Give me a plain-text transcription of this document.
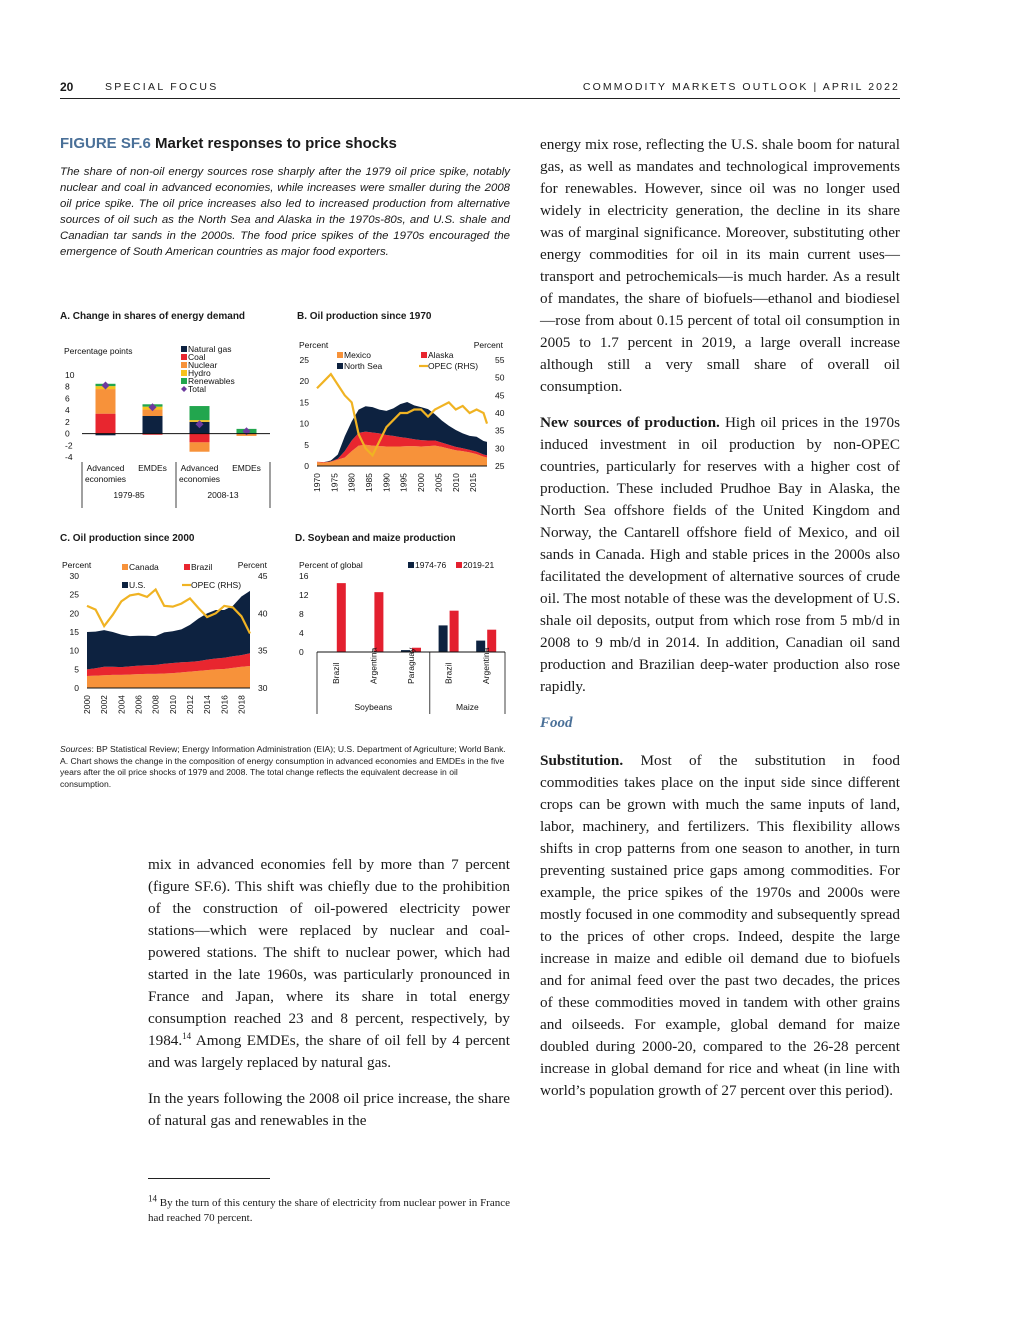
20	SPECIAL FOCUS	COMMODITY MARKETS OUTLOOK | APRIL 2022
FIGURE SF.6 Market responses to price shocks
The share of non-oil energy sources rose sharply after the 1979 oil price spike, notably nuclear and coal in advanced economies, while increases were smaller during the 2008 oil price spike. The oil price increases also led to increased production from alternative sources of oil such as the North Sea and Alaska in the 1970s-80s, and U.S. shale and Canadian tar sands in the 2000s. The food price spikes of the 1970s encouraged the emergence of South American countries as major food exporters.
A. Change in shares of energy demand
Percentage points
10
8
6
4
2
0
-2
-4
Natural gas
Coal
Nuclear
Hydro
Renewables
Total
Advanced
economies
EMDEs Advanced
economies
EMDEs
1979-85	2008-13
B. Oil production since 1970
Percent	Percent
25
20
15
10
5
0
55
50
45
40
35
30
25
1970 1975 1980 1985 1990 1995 2000 2005 2010 2015
Mexico	Alaska
North Sea	OPEC (RHS)
C. Oil production since 2000
Percent	Percent
30
25
20
15
10
5
0
45
40
35
30
2000 2002 2004 2006 2008 2010 2012 2014 2016 2018
Canada	Brazil
U.S.	OPEC (RHS)
D. Soybean and maize production
Percent of global
16
12
8
4
0
1974-76 2019-21
Brazil	Argentina	Paraguay	Brazil	Argentina
Soybeans	Maize
Sources: BP Statistical Review; Energy Information Administration (EIA); U.S. Department of Agriculture; World Bank.
A. Chart shows the change in the composition of energy consumption in advanced economies and EMDEs in the five years after the oil price shocks of 1979 and 2008. The total change reflects the equivalent decrease in oil consumption.

mix in advanced economies fell by more than 7 percent (figure SF.6). This shift was chiefly due to the prohibition of the construction of oil-powered electricity power stations—which were replaced by nuclear and coal-powered stations. The shift to nuclear power, which had started in the late 1960s, was particularly pronounced in France and Japan, where its share in total energy consumption reached 23 and 8 percent, respectively, by 1984.14 Among EMDEs, the share of oil fell by 4 percent and was largely replaced by natural gas.

In the years following the 2008 oil price increase, the share of natural gas and renewables in the

$^{14}$ By the turn of this century the share of electricity from nuclear power in France had reached 70 percent.

energy mix rose, reflecting the U.S. shale boom for natural gas, as well as mandates and technological improvements for renewables. However, since oil was no longer used widely in electricity generation, the decline in its share was of marginal significance. Moreover, substituting other energy commodities for oil in its main current uses—transport and petrochemicals—is much harder. As a result of mandates, the share of biofuels—ethanol and biodiesel—rose from about 0.15 percent of total oil consumption in 2005 to 1.7 percent in 2019, a large overall increase although still a very small share of overall oil consumption.

New sources of production. High oil prices in the 1970s induced investment in oil production by non-OPEC countries, particularly for reserves with a higher cost of production. These included Prudhoe Bay in Alaska, the North Sea offshore fields of the United Kingdom and Norway, the Cantarell offshore field of Mexico, and oil sands in Canada. High and stable prices in the 2000s also facilitated the development of alternative sources of crude oil. The most notable of these was the development of U.S. shale oil deposits, output from which rose from 5 mb/d in 2008 to 9 mb/d in 2014. In addition, Canadian oil sand production and Brazilian deep-water production also rose rapidly.

Food

Substitution. Most of the substitution in food commodities takes place on the input side since different crops can be grown with much the same inputs of land, labor, machinery, and fertilizers. This flexibility allows shifts in crop patterns from one season to another, in turn preventing sustained price gaps among commodities. For example, the price spikes of the 1970s and 2000s were mostly focused in one commodity and subsequently spread to the prices of other crops. Indeed, despite the large increase in maize and edible oil demand due to biofuels and for animal feed over the past two decades, the prices of these commodities moved in tandem with other grains and oilseeds. For example, global demand for maize doubled during 2000-20, compared to the 26-28 percent increase in global demand for rice and wheat (in line with world’s population growth of 27 percent over this period).
